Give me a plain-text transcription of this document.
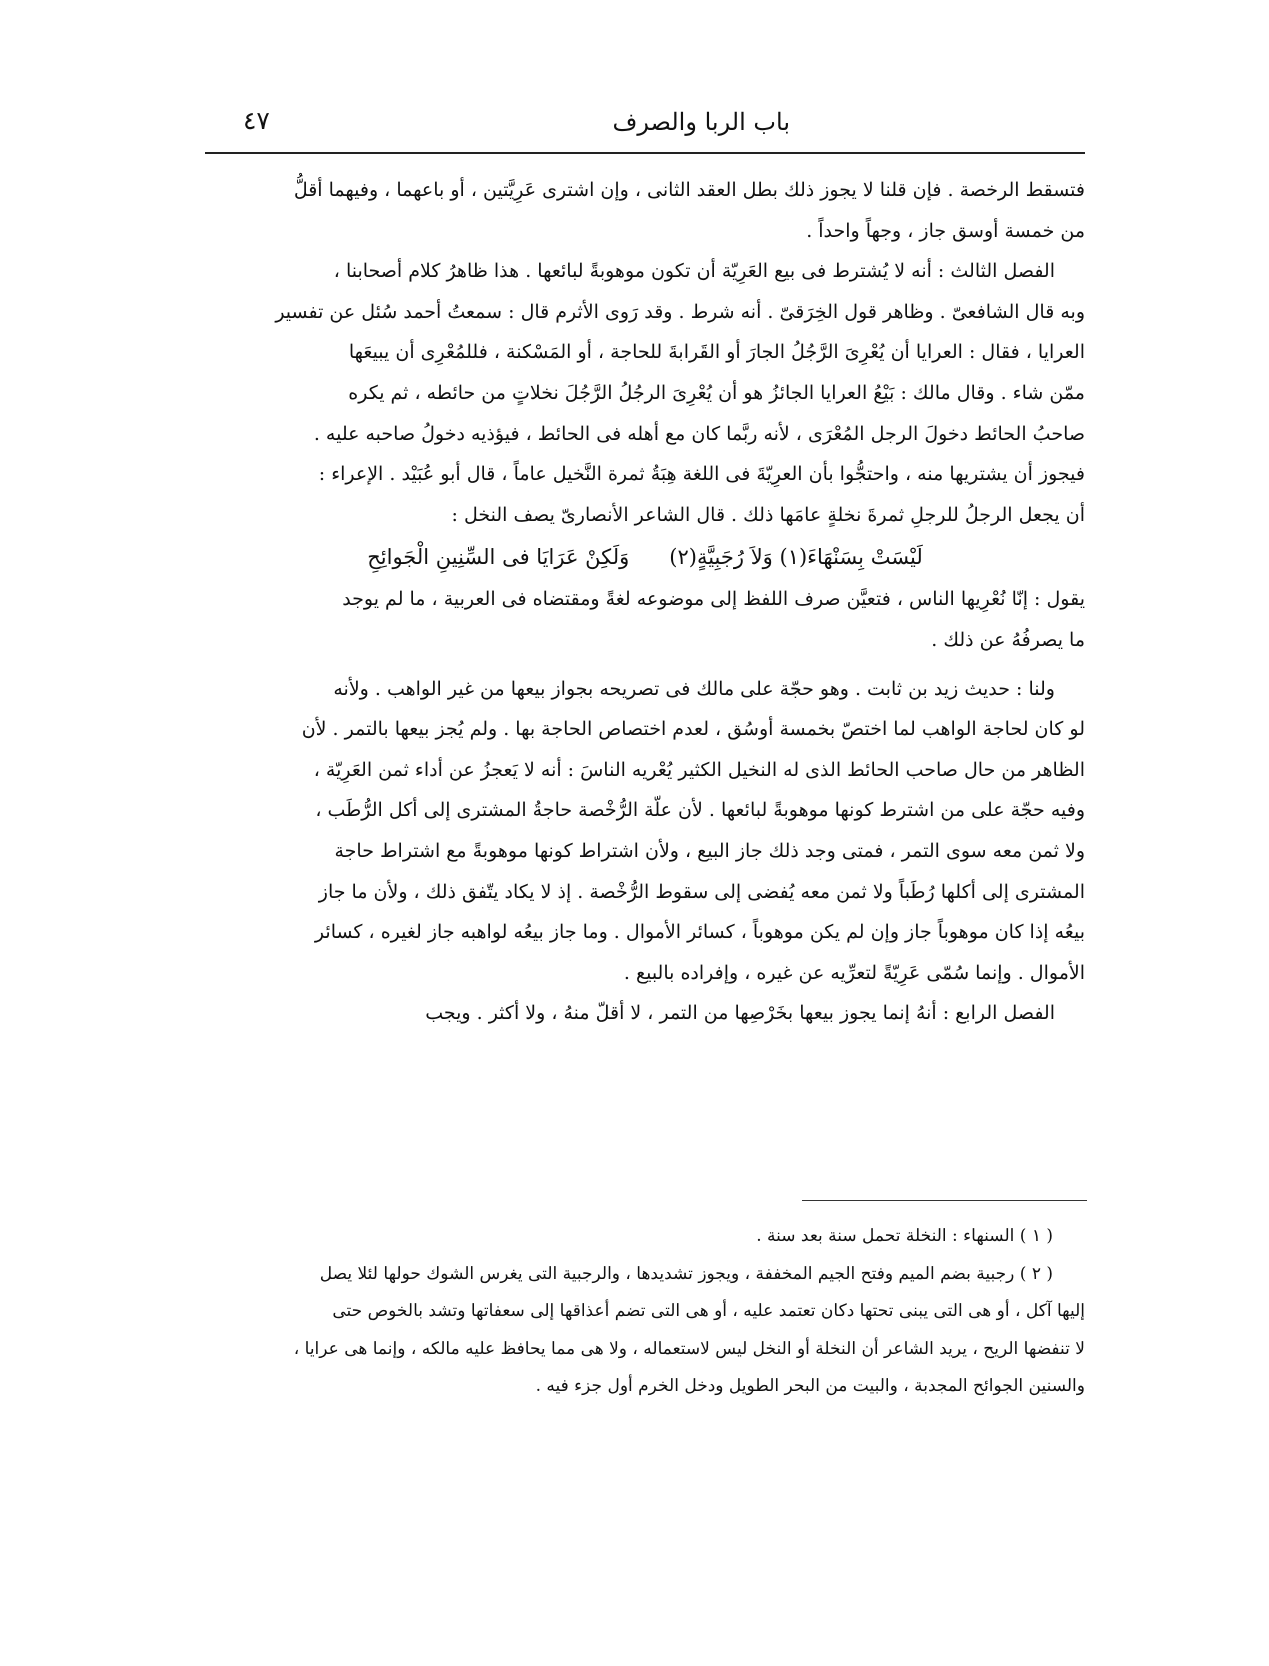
باب الربا والصرف
٤٧
فتسقط الرخصة . فإن قلنا لا يجوز ذلك بطل العقد الثانى ، وإن اشترى عَرِيَّتين ، أو باعهما ، وفيهما أقلُّ
من خمسة أوسق جاز ، وجهاً واحداً .
الفصل الثالث : أنه لا يُشترط فى بيع العَرِيّة أن تكون موهوبةً لبائعها . هذا ظاهرُ كلام أصحابنا ،
وبه قال الشافعىّ . وظاهر قول الخِرَقىّ . أنه شرط . وقد رَوى الأثرم قال : سمعتُ أحمد سُئل عن تفسير
العرايا ، فقال : العرايا أن يُعْرِىَ الرَّجُلُ الجارَ أو القَرابةَ للحاجة ، أو المَسْكنة ، فللمُعْرِى أن يبيعَها
ممّن شاء . وقال مالك : بَيْعُ العرايا الجائزُ هو أن يُعْرِىَ الرجُلُ الرَّجُلَ نخلاتٍ من حائطه ، ثم يكره
صاحبُ الحائط دخولَ الرجل المُعْرَى ، لأنه ربَّما كان مع أهله فى الحائط ، فيؤذيه دخولُ صاحبه عليه .
فيجوز أن يشتريها منه ، واحتجُّوا بأن العرِيّةَ فى اللغة هِبَةُ ثمرة النَّخيل عاماً ، قال أبو عُبَيْد . الإعراء :
أن يجعل الرجلُ للرجلِ ثمرةَ نخلةٍ عامَها ذلك . قال الشاعر الأنصارىّ يصف النخل :
لَيْسَتْ بِسَنْهَاءَ(١) وَلاَ رُجَبِيَّةٍ(٢)
وَلَكِنْ عَرَايَا فى السِّنِينِ الْجَوائِحِ
يقول : إنّا نُعْرِيها الناس ، فتعيَّن صرف اللفظ إلى موضوعه لغةً ومقتضاه فى العربية ، ما لم يوجد
ما يصرفُهُ عن ذلك .
ولنا : حديث زيد بن ثابت . وهو حجّة على مالك فى تصريحه بجواز بيعها من غير الواهب . ولأنه
لو كان لحاجة الواهب لما اختصّ بخمسة أوسُق ، لعدم اختصاص الحاجة بها . ولم يُجز بيعها بالتمر . لأن
الظاهر من حال صاحب الحائط الذى له النخيل الكثير يُعْريه الناسَ : أنه لا يَعجزُ عن أداء ثمن العَرِيّة ،
وفيه حجّة على من اشترط كونها موهوبةً لبائعها . لأن علّة الرُّخْصة حاجةُ المشترى إلى أكل الرُّطَب ،
ولا ثمن معه سوى التمر ، فمتى وجد ذلك جاز البيع ، ولأن اشتراط كونها موهوبةً مع اشتراط حاجة
المشترى إلى أكلها رُطَباً ولا ثمن معه يُفضى إلى سقوط الرُّخْصة . إذ لا يكاد يتّفق ذلك ، ولأن ما جاز
بيعُه إذا كان موهوباً جاز وإن لم يكن موهوباً ، كسائر الأموال . وما جاز بيعُه لواهبه جاز لغيره ، كسائر
الأموال . وإنما سُمّى عَرِيّةً لتعرِّيه عن غيره ، وإفراده بالبيع .
الفصل الرابع : أنهُ إنما يجوز بيعها بخَرْصِها من التمر ، لا أقلّ منهُ ، ولا أكثر . ويجب
( ١ ) السنهاء : النخلة تحمل سنة بعد سنة .
( ٢ ) رجبية بضم الميم وفتح الجيم المخففة ، ويجوز تشديدها ، والرجبية التى يغرس الشوك حولها لئلا يصل
إليها آكل ، أو هى التى يبنى تحتها دكان تعتمد عليه ، أو هى التى تضم أعذاقها إلى سعفاتها وتشد بالخوص حتى
لا تنفضها الريح ، يريد الشاعر أن النخلة أو النخل ليس لاستعماله ، ولا هى مما يحافظ عليه مالكه ، وإنما هى عرايا ،
والسنين الجوائح المجدبة ، والبيت من البحر الطويل ودخل الخرم أول جزء فيه .
